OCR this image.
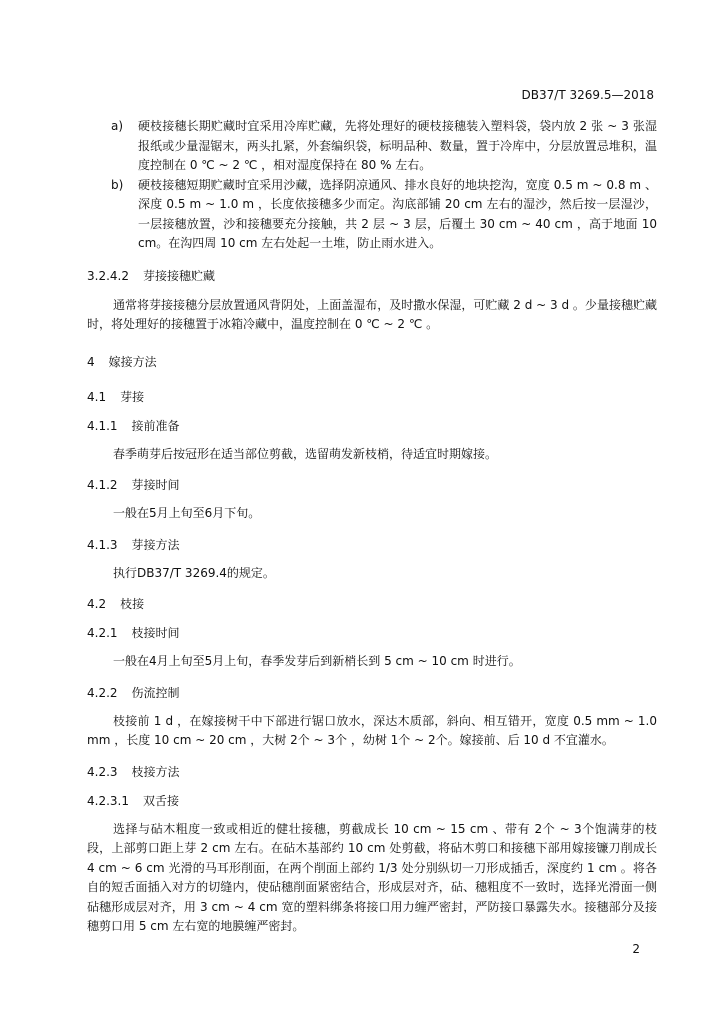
DB37/T 3269.5—2018
a) 硬枝接穗长期贮藏时宜采用冷库贮藏，先将处理好的硬枝接穗装入塑料袋，袋内放 2 张 ~ 3 张湿报纸或少量湿锯末，两头扎紧，外套编织袋，标明品种、数量，置于冷库中，分层放置忌堆积，温度控制在 0 ℃ ~ 2 ℃ ，相对湿度保持在 80 % 左右。
b) 硬枝接穗短期贮藏时宜采用沙藏，选择阴凉通风、排水良好的地块挖沟，宽度 0.5 m ~ 0.8 m 、深度 0.5 m ~ 1.0 m ，长度依接穗多少而定。沟底部铺 20 cm 左右的湿沙，然后按一层湿沙，一层接穗放置，沙和接穗要充分接触，共 2 层 ~ 3 层，后覆土 30 cm ~ 40 cm ，高于地面 10 cm。在沟四周 10 cm 左右处起一土堆，防止雨水进入。
3.2.4.2 芽接接穗贮藏
通常将芽接接穗分层放置通风背阴处，上面盖湿布，及时撒水保湿，可贮藏 2 d ~ 3 d 。少量接穗贮藏时，将处理好的接穗置于冰箱冷藏中，温度控制在 0 ℃ ~ 2 ℃ 。
4 嫁接方法
4.1 芽接
4.1.1 接前准备
春季萌芽后按冠形在适当部位剪截，选留萌发新枝梢，待适宜时期嫁接。
4.1.2 芽接时间
一般在5月上旬至6月下旬。
4.1.3 芽接方法
执行DB37/T 3269.4的规定。
4.2 枝接
4.2.1 枝接时间
一般在4月上旬至5月上旬，春季发芽后到新梢长到 5 cm ~ 10 cm 时进行。
4.2.2 伤流控制
枝接前 1 d ，在嫁接树干中下部进行锯口放水，深达木质部，斜向、相互错开，宽度 0.5 mm ~ 1.0 mm ，长度 10 cm ~ 20 cm ，大树 2个 ~ 3个 ，幼树 1个 ~ 2个。嫁接前、后 10 d 不宜灌水。
4.2.3 枝接方法
4.2.3.1 双舌接
选择与砧木粗度一致或相近的健壮接穗，剪截成长 10 cm ~ 15 cm 、带有 2个 ~ 3个饱满芽的枝段，上部剪口距上芽 2 cm 左右。在砧木基部约 10 cm 处剪截，将砧木剪口和接穗下部用嫁接镰刀削成长 4 cm ~ 6 cm 光滑的马耳形削面，在两个削面上部约 1/3 处分别纵切一刀形成插舌，深度约 1 cm 。将各自的短舌面插入对方的切缝内，使砧穗削面紧密结合，形成层对齐，砧、穗粗度不一致时，选择光滑面一侧砧穗形成层对齐，用 3 cm ~ 4 cm 宽的塑料绑条将接口用力缠严密封，严防接口暴露失水。接穗部分及接穗剪口用 5 cm 左右宽的地膜缠严密封。
2
